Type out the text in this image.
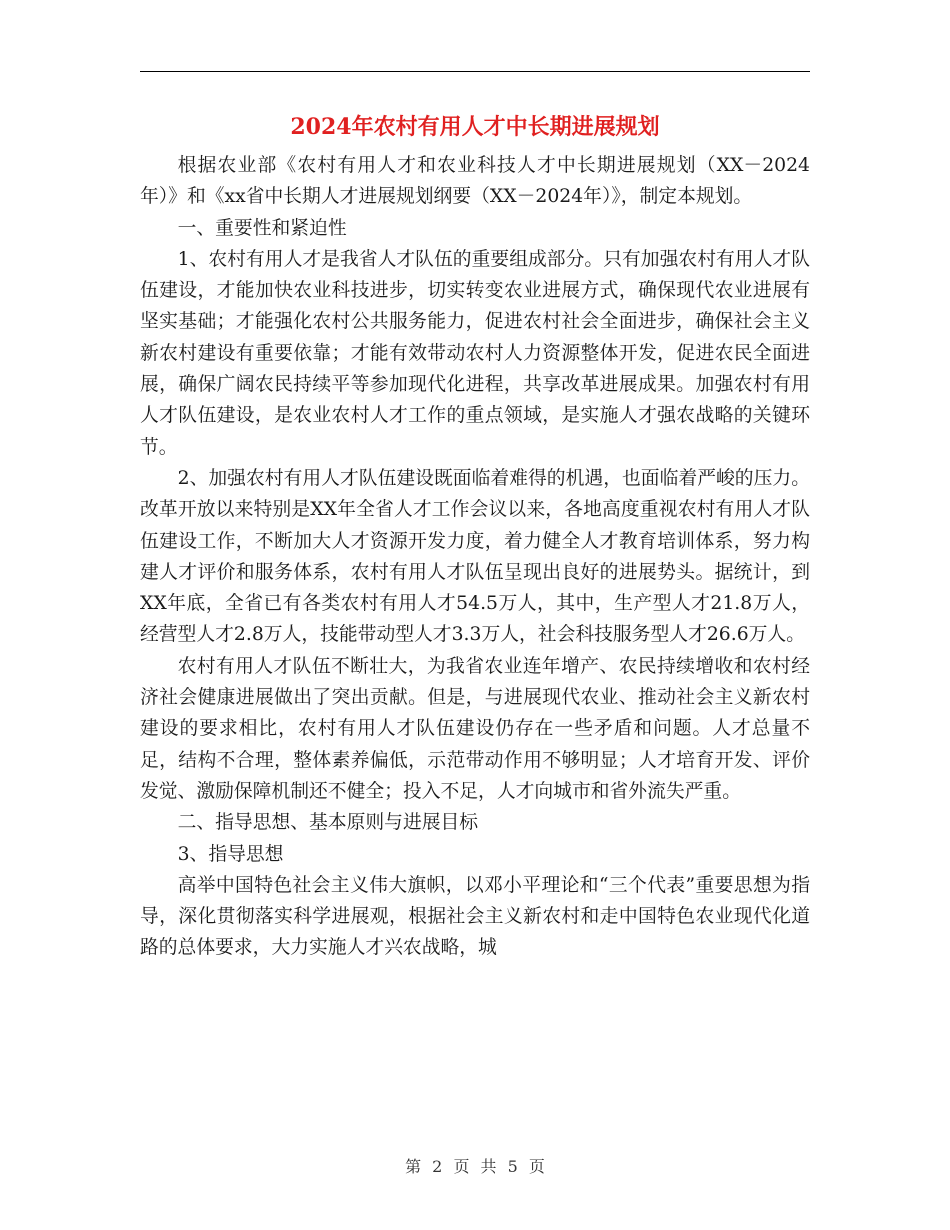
2024年农村有用人才中长期进展规划

根据农业部《农村有用人才和农业科技人才中长期进展规划（XX－2024年）》和《xx省中长期人才进展规划纲要（XX－2024年）》，制定本规划。

一、重要性和紧迫性

1、农村有用人才是我省人才队伍的重要组成部分。只有加强农村有用人才队伍建设，才能加快农业科技进步，切实转变农业进展方式，确保现代农业进展有坚实基础；才能强化农村公共服务能力，促进农村社会全面进步，确保社会主义新农村建设有重要依靠；才能有效带动农村人力资源整体开发，促进农民全面进展，确保广阔农民持续平等参加现代化进程，共享改革进展成果。加强农村有用人才队伍建设，是农业农村人才工作的重点领域，是实施人才强农战略的关键环节。

2、加强农村有用人才队伍建设既面临着难得的机遇，也面临着严峻的压力。改革开放以来特别是XX年全省人才工作会议以来，各地高度重视农村有用人才队伍建设工作，不断加大人才资源开发力度，着力健全人才教育培训体系，努力构建人才评价和服务体系，农村有用人才队伍呈现出良好的进展势头。据统计，到XX年底，全省已有各类农村有用人才54.5万人，其中，生产型人才21.8万人，经营型人才2.8万人，技能带动型人才3.3万人，社会科技服务型人才26.6万人。

农村有用人才队伍不断壮大，为我省农业连年增产、农民持续增收和农村经济社会健康进展做出了突出贡献。但是，与进展现代农业、推动社会主义新农村建设的要求相比，农村有用人才队伍建设仍存在一些矛盾和问题。人才总量不足，结构不合理，整体素养偏低，示范带动作用不够明显；人才培育开发、评价发觉、激励保障机制还不健全；投入不足，人才向城市和省外流失严重。

二、指导思想、基本原则与进展目标

3、指导思想

高举中国特色社会主义伟大旗帜，以邓小平理论和“三个代表”重要思想为指导，深化贯彻落实科学进展观，根据社会主义新农村和走中国特色农业现代化道路的总体要求，大力实施人才兴农战略，城

第 2 页 共 5 页
